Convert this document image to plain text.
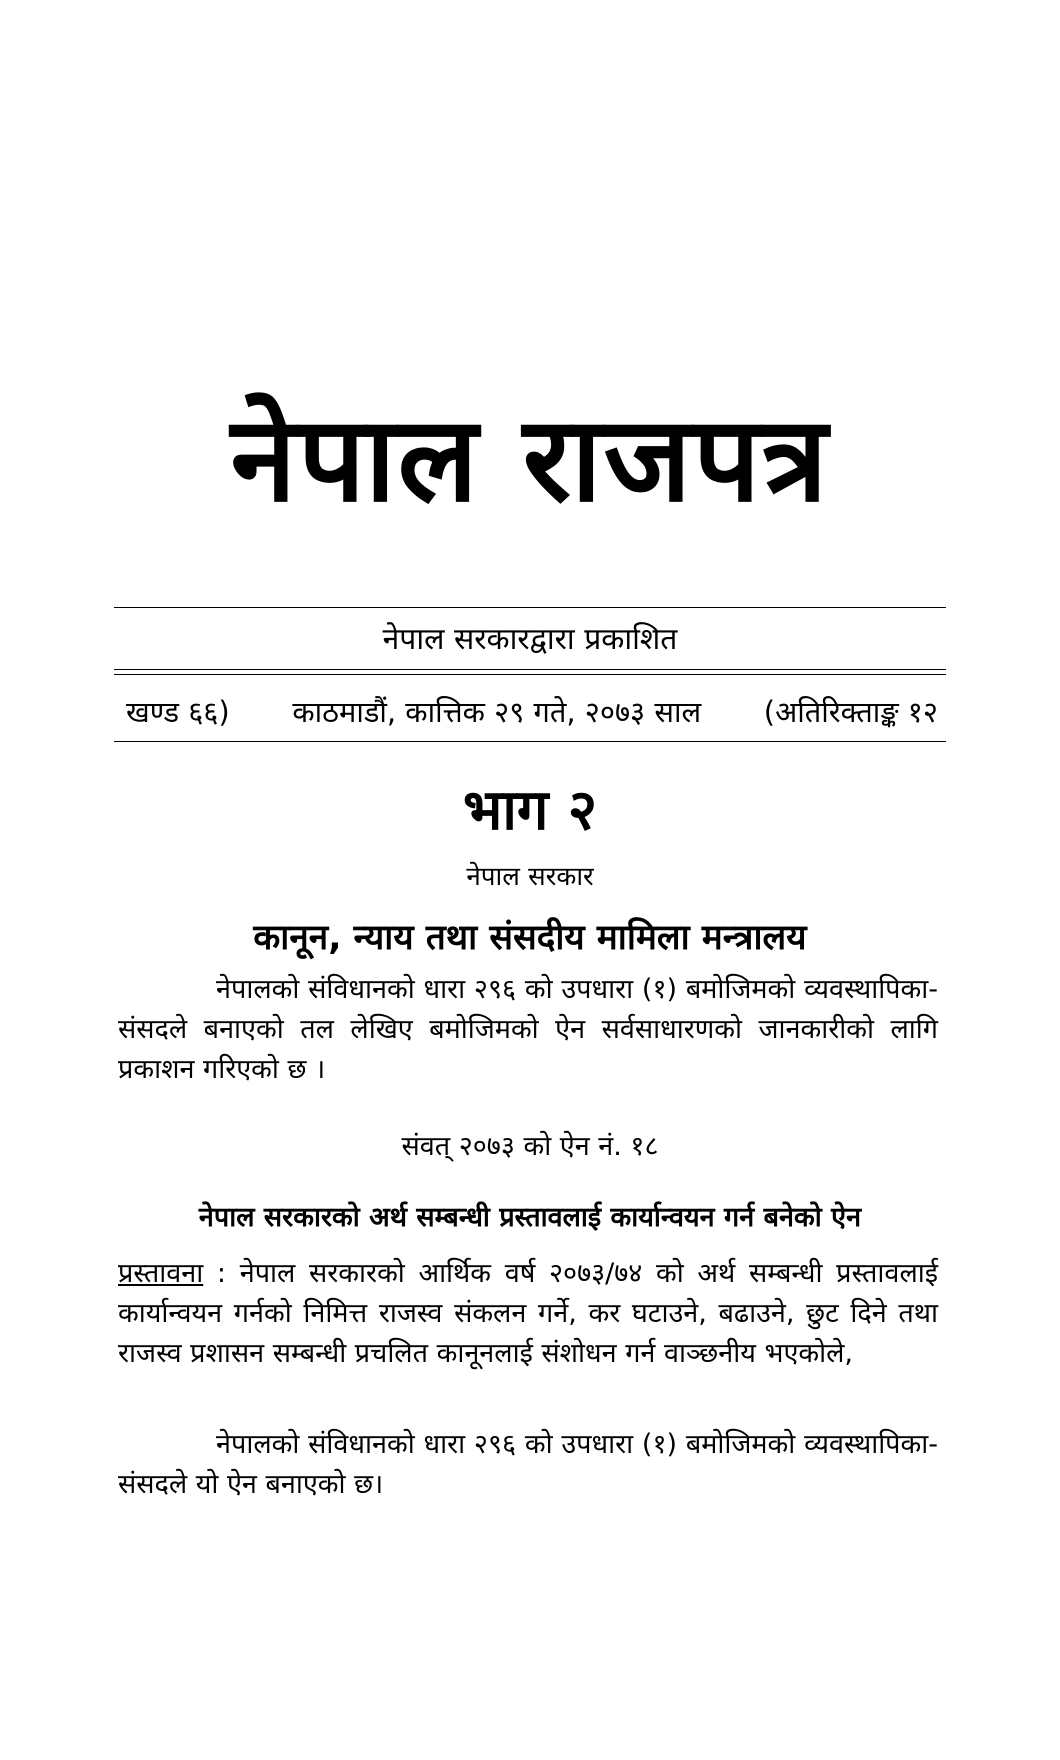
नेपाल राजपत्र
नेपाल सरकारद्वारा प्रकाशित
खण्ड ६६) काठमाडौं, कात्तिक २९ गते, २०७३ साल (अतिरिक्ताङ्क १२
भाग २
नेपाल सरकार
कानून, न्याय तथा संसदीय मामिला मन्त्रालय
नेपालको संविधानको धारा २९६ को उपधारा (१) बमोजिमको व्यवस्थापिका-संसदले बनाएको तल लेखिए बमोजिमको ऐन सर्वसाधारणको जानकारीको लागि प्रकाशन गरिएको छ ।
संवत् २०७३ को ऐन नं. १८
नेपाल सरकारको अर्थ सम्बन्धी प्रस्तावलाई कार्यान्वयन गर्न बनेको ऐन
प्रस्तावना : नेपाल सरकारको आर्थिक वर्ष २०७३/७४ को अर्थ सम्बन्धी प्रस्तावलाई कार्यान्वयन गर्नको निमित्त राजस्व संकलन गर्ने, कर घटाउने, बढाउने, छुट दिने तथा राजस्व प्रशासन सम्बन्धी प्रचलित कानूनलाई संशोधन गर्न वाञ्छनीय भएकोले,
नेपालको संविधानको धारा २९६ को उपधारा (१) बमोजिमको व्यवस्थापिका-संसदले यो ऐन बनाएको छ।
